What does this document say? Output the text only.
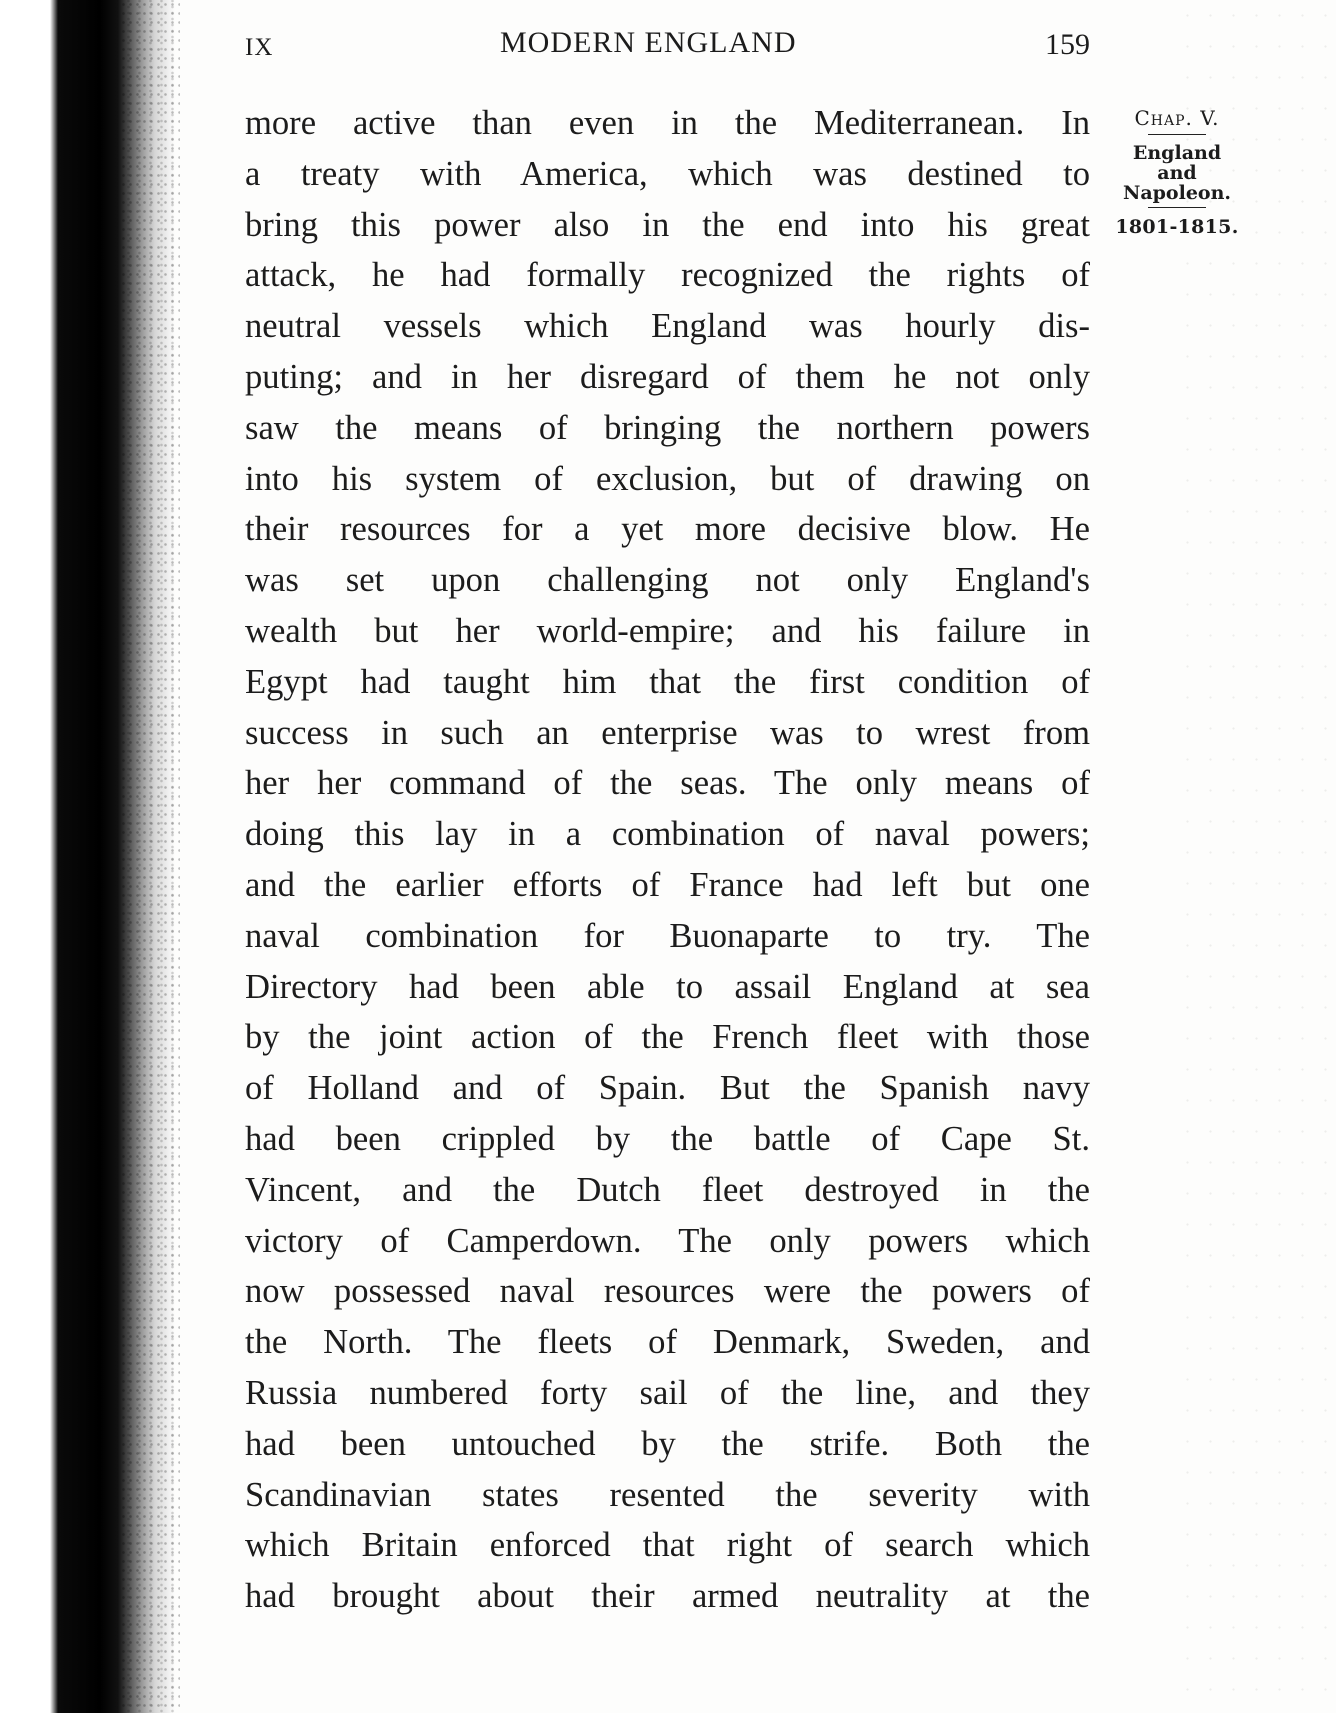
IX	MODERN ENGLAND	159
more active than even in the Mediterranean. In
a treaty with America, which was destined to
bring this power also in the end into his great
attack, he had formally recognized the rights of
neutral vessels which England was hourly dis-
puting; and in her disregard of them he not only
saw the means of bringing the northern powers
into his system of exclusion, but of drawing on
their resources for a yet more decisive blow. He
was set upon challenging not only England's
wealth but her world-empire; and his failure in
Egypt had taught him that the first condition of
success in such an enterprise was to wrest from
her her command of the seas. The only means of
doing this lay in a combination of naval powers;
and the earlier efforts of France had left but one
naval combination for Buonaparte to try. The
Directory had been able to assail England at sea
by the joint action of the French fleet with those
of Holland and of Spain. But the Spanish navy
had been crippled by the battle of Cape St.
Vincent, and the Dutch fleet destroyed in the
victory of Camperdown. The only powers which
now possessed naval resources were the powers of
the North. The fleets of Denmark, Sweden, and
Russia numbered forty sail of the line, and they
had been untouched by the strife. Both the
Scandinavian states resented the severity with
which Britain enforced that right of search which
had brought about their armed neutrality at the
Chap. V.
England
and
Napoleon.
1801-1815.
